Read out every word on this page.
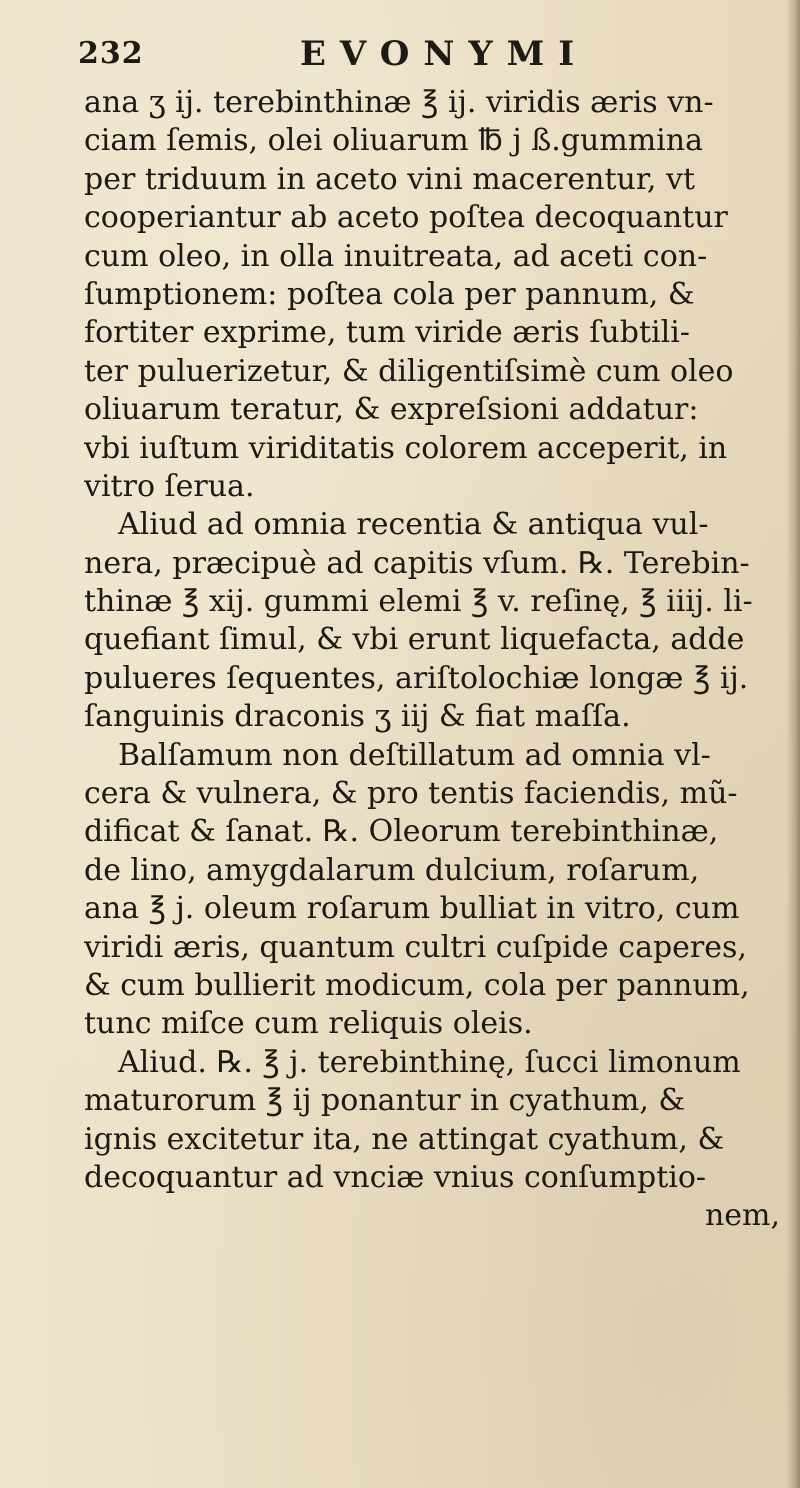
232	EVONYMI
ana ʒ ij. terebinthinæ ℥ ij. viridis æris vn-
ciam ſemis, olei oliuarum ℔ j ß.gummina
per triduum in aceto vini macerentur, vt
cooperiantur ab aceto poſtea decoquantur
cum oleo, in olla inuitreata, ad aceti con-
ſumptionem: poſtea cola per pannum, &
fortiter exprime, tum viride æris ſubtili-
ter puluerizetur, & diligentiſsimè cum oleo
oliuarum teratur, & expreſsioni addatur:
vbi iuſtum viriditatis colorem acceperit, in
vitro ſerua.
Aliud ad omnia recentia & antiqua vul-
nera, præcipuè ad capitis vſum. ℞. Terebin-
thinæ ℥ xij. gummi elemi ℥ v. reſinę, ℥ iiij. li-
quefiant ſimul, & vbi erunt liquefacta, adde
pulueres ſequentes, ariſtolochiæ longæ ℥ ij.
ſanguinis draconis ʒ iij & fiat maſſa.
Balſamum non deſtillatum ad omnia vl-
cera & vulnera, & pro tentis faciendis, mũ-
dificat & ſanat. ℞. Oleorum terebinthinæ,
de lino, amygdalarum dulcium, roſarum,
ana ℥ j. oleum roſarum bulliat in vitro, cum
viridi æris, quantum cultri cuſpide caperes,
& cum bullierit modicum, cola per pannum,
tunc miſce cum reliquis oleis.
Aliud. ℞. ℥ j. terebinthinę, ſucci limonum
maturorum ℥ ij ponantur in cyathum, &
ignis excitetur ita, ne attingat cyathum, &
decoquantur ad vnciæ vnius conſumptio-
nem,
